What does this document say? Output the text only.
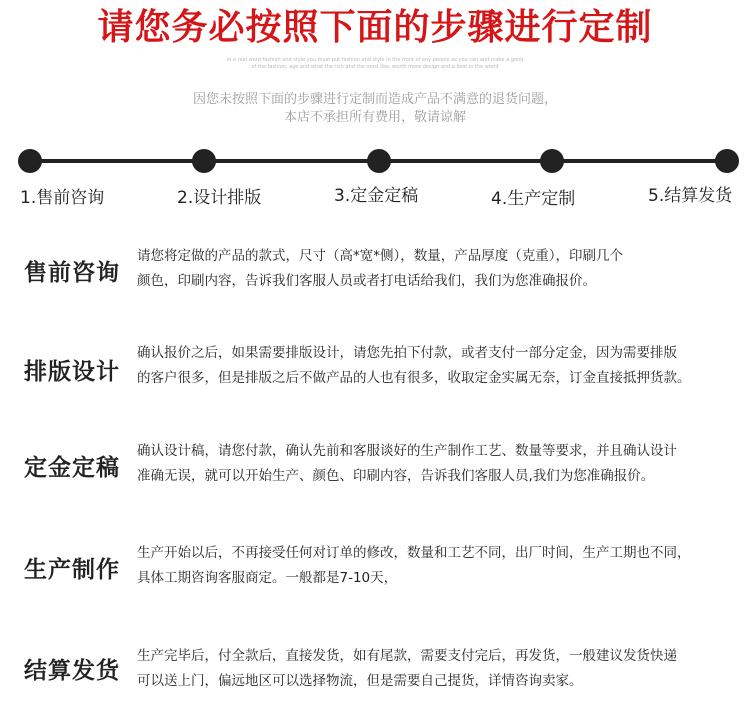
请您务必按照下面的步骤进行定制
in a real word fashion and style you must put fashion and style in the front of any people as you can and make a good
of the fashion, age and what the rich and the most like, worth more design and a best in the world
因您未按照下面的步骤进行定制而造成产品不满意的退货问题，
本店不承担所有费用，敬请谅解
1.售前咨询	2.设计排版	3.定金定稿	4.生产定制	5.结算发货
售前咨询
请您将定做的产品的款式，尺寸（高*宽*侧），数量，产品厚度（克重），印刷几个
颜色，印刷内容，告诉我们客服人员或者打电话给我们，我们为您准确报价。
排版设计
确认报价之后，如果需要排版设计，请您先拍下付款，或者支付一部分定金，因为需要排版
的客户很多，但是排版之后不做产品的人也有很多，收取定金实属无奈，订金直接抵押货款。
定金定稿
确认设计稿，请您付款，确认先前和客服谈好的生产制作工艺、数量等要求，并且确认设计
准确无误，就可以开始生产、颜色、印刷内容，告诉我们客服人员,我们为您准确报价。
生产制作
生产开始以后，不再接受任何对订单的修改，数量和工艺不同，出厂时间，生产工期也不同，
具体工期咨询客服商定。一般都是7-10天，
结算发货
生产完毕后，付全款后，直接发货，如有尾款，需要支付完后，再发货，一般建议发货快递
可以送上门，偏远地区可以选择物流，但是需要自己提货，详情咨询卖家。
